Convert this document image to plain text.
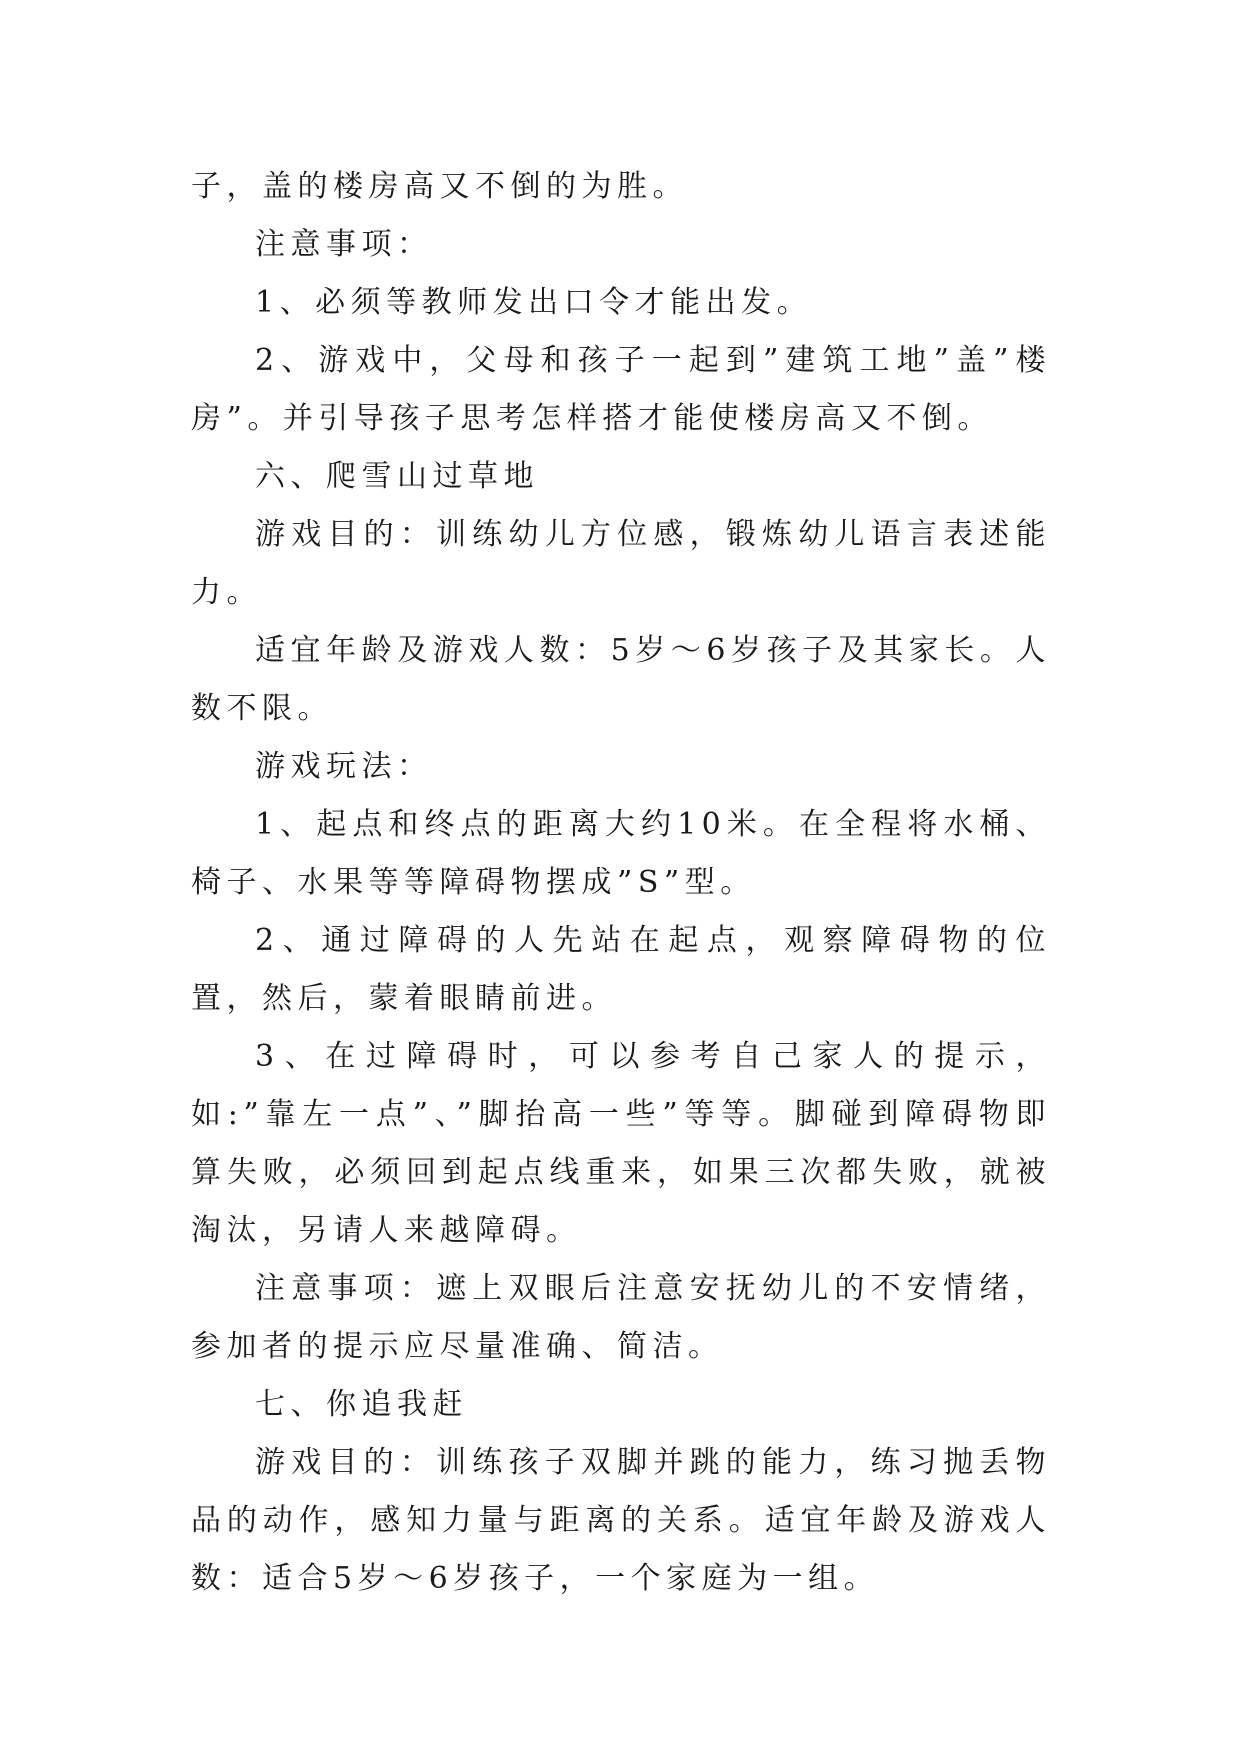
子，盖的楼房高又不倒的为胜。

注意事项：

1、必须等教师发出口令才能出发。

2、游戏中，父母和孩子一起到”建筑工地”盖”楼房”。并引导孩子思考怎样搭才能使楼房高又不倒。

六、爬雪山过草地

游戏目的：训练幼儿方位感，锻炼幼儿语言表述能力。

适宜年龄及游戏人数：5岁～6岁孩子及其家长。人数不限。

游戏玩法：

1、起点和终点的距离大约10米。在全程将水桶、椅子、水果等等障碍物摆成”S”型。

2、通过障碍的人先站在起点，观察障碍物的位置，然后，蒙着眼睛前进。

3、在过障碍时，可以参考自己家人的提示，如:”靠左一点”、”脚抬高一些”等等。脚碰到障碍物即算失败，必须回到起点线重来，如果三次都失败，就被淘汰，另请人来越障碍。

注意事项：遮上双眼后注意安抚幼儿的不安情绪，参加者的提示应尽量准确、简洁。

七、你追我赶

游戏目的：训练孩子双脚并跳的能力，练习抛丢物品的动作，感知力量与距离的关系。适宜年龄及游戏人数：适合5岁～6岁孩子，一个家庭为一组。
